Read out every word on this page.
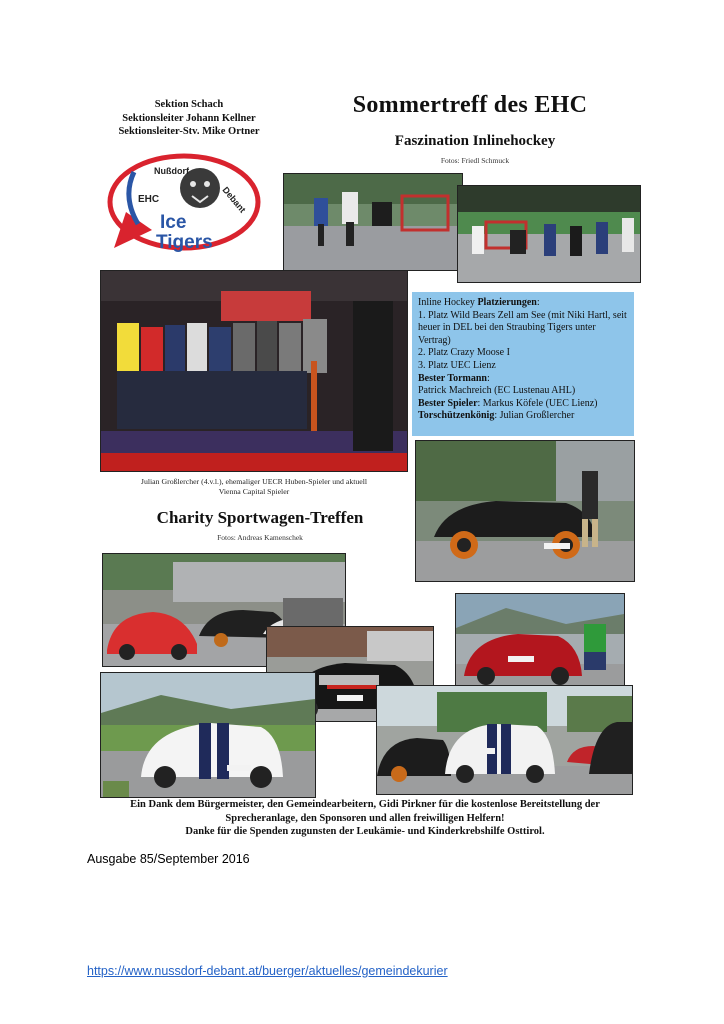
Sektion Schach
Sektionsleiter Johann Kellner
Sektionsleiter-Stv. Mike Ortner
Nußdorf
Debant
EHC
Ice
Tigers
Sommertreff des EHC
Faszination Inlinehockey
Fotos: Friedl Schmuck
Julian Großlercher (4.v.l.), ehemaliger UECR Huben-Spieler und aktuell
Vienna Capital Spieler
Inline Hockey Platzierungen:
1. Platz Wild Bears Zell am See (mit Niki Hartl, seit heuer in DEL bei den Straubing Tigers unter Vertrag)
2. Platz Crazy Moose I
3. Platz UEC Lienz
Bester Tormann:
Patrick Machreich (EC Lustenau AHL)
Bester Spieler: Markus Köfele (UEC Lienz)
Torschützenkönig: Julian Großlercher
Charity Sportwagen-Treffen
Fotos: Andreas Kamenschek
Ein Dank dem Bürgermeister, den Gemeindearbeitern, Gidi Pirkner für die kostenlose Bereitstellung der
Sprecheranlage, den Sponsoren und allen freiwilligen Helfern!
Danke für die Spenden zugunsten der Leukämie- und Kinderkrebshilfe Osttirol.
Ausgabe 85/September 2016
https://www.nussdorf-debant.at/buerger/aktuelles/gemeindekurier
